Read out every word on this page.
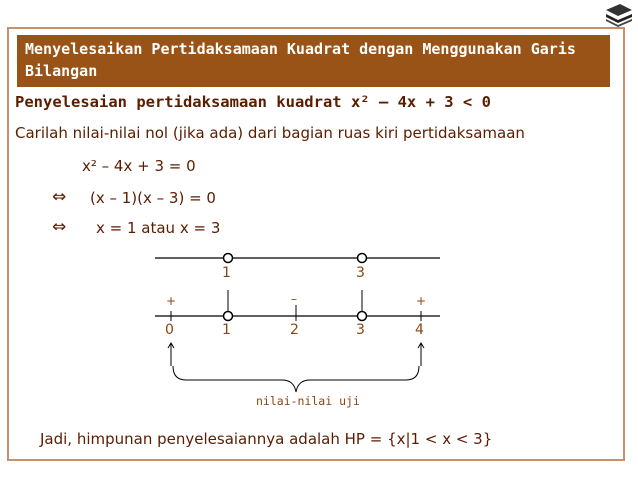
Menyelesaikan Pertidaksamaan Kuadrat dengan Menggunakan Garis Bilangan
Penyelesaian pertidaksamaan kuadrat x² – 4x + 3 < 0
Carilah nilai-nilai nol (jika ada) dari bagian ruas kiri pertidaksamaan
x² – 4x + 3 = 0
⇔ (x – 1)(x – 3) = 0
⇔ x = 1 atau x = 3
1	3
+	–	+
0	1	2	3	4
nilai-nilai uji
Jadi, himpunan penyelesaiannya adalah HP = {x|1 < x < 3}
